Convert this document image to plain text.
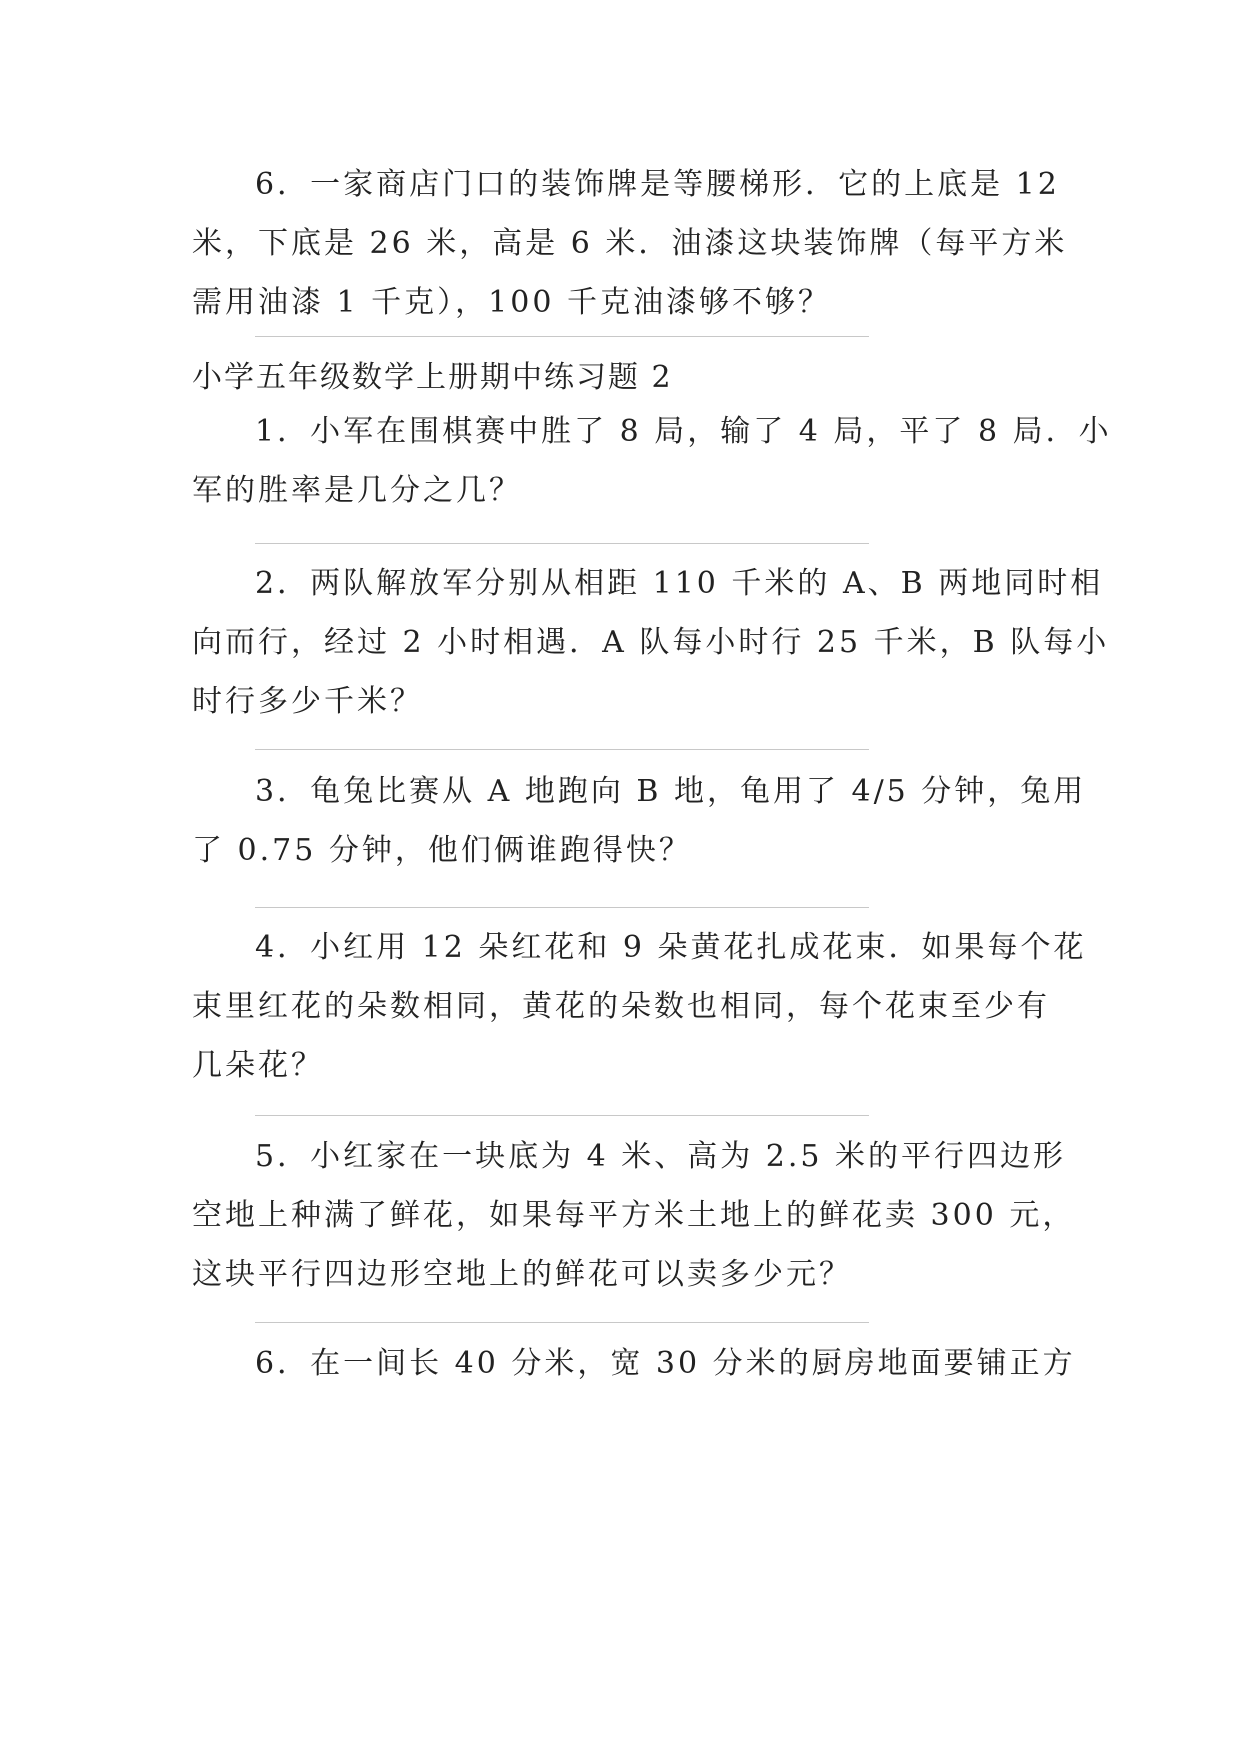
6．一家商店门口的装饰牌是等腰梯形．它的上底是 12
米，下底是 26 米，高是 6 米．油漆这块装饰牌（每平方米
需用油漆 1 千克），100 千克油漆够不够？

小学五年级数学上册期中练习题 2

1．小军在围棋赛中胜了 8 局，输了 4 局，平了 8 局．小
军的胜率是几分之几？

2．两队解放军分别从相距 110 千米的 A、B 两地同时相
向而行，经过 2 小时相遇．A 队每小时行 25 千米，B 队每小
时行多少千米？

3．龟兔比赛从 A 地跑向 B 地，龟用了 4/5 分钟，兔用
了 0.75 分钟，他们俩谁跑得快？

4．小红用 12 朵红花和 9 朵黄花扎成花束．如果每个花
束里红花的朵数相同，黄花的朵数也相同，每个花束至少有
几朵花？

5．小红家在一块底为 4 米、高为 2.5 米的平行四边形
空地上种满了鲜花，如果每平方米土地上的鲜花卖 300 元，
这块平行四边形空地上的鲜花可以卖多少元？

6．在一间长 40 分米，宽 30 分米的厨房地面要铺正方
